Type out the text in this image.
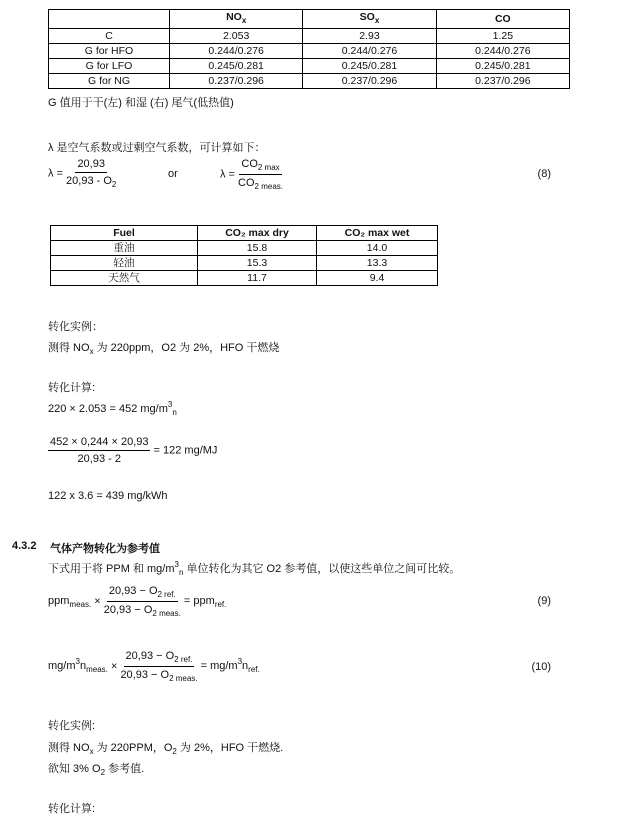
	$NO_x$	$SO_x$	CO
C	2.053	2.93	1.25
G for HFO	0.244/0.276	0.244/0.276	0.244/0.276
G for LFO	0.245/0.281	0.245/0.281	0.245/0.281
G for NG	0.237/0.296	0.237/0.296	0.237/0.296
G 值用于干(左) 和湿 (右) 尾气(低热值)
λ 是空气系数或过剩空气系数，可计算如下：
$\lambda = \frac{20,93}{20,93 - O_2}$	or	$\lambda = \frac{CO_{2 max}}{CO_{2 meas.}}$	(8)
Fuel	CO₂ max dry	CO₂ max wet
重油	15.8	14.0
轻油	15.3	13.3
天然气	11.7	9.4
转化实例：
测得 $NO_x$ 为 220ppm，O2 为 2%，HFO 干燃烧
转化计算:
220 × 2.053 = 452 $mg/m^3_n$
$\frac{452 \times 0,244 \times 20,93}{20,93 - 2} = 122$ mg/MJ
122 x 3.6 = 439 mg/kWh
4.3.2 气体产物转化为参考值
下式用于将 PPM 和 $mg/m^3_n$ 单位转化为其它 O2 参考值，以使这些单位之间可比较。
$ppm_{meas.} \times \frac{20,93 - O_{2 ref.}}{20,93 - O_{2 meas.}} = ppm_{ref.}$	(9)
$mg/m^3n_{meas.} \times \frac{20,93 - O_{2 ref.}}{20,93 - O_{2 meas.}} = mg/m^3n_{ref.}$	(10)
转化实例:
测得 $NO_x$ 为 220PPM，$O_2$ 为 2%，HFO 干燃烧.
欲知 3% $O_2$ 参考值.
转化计算:
